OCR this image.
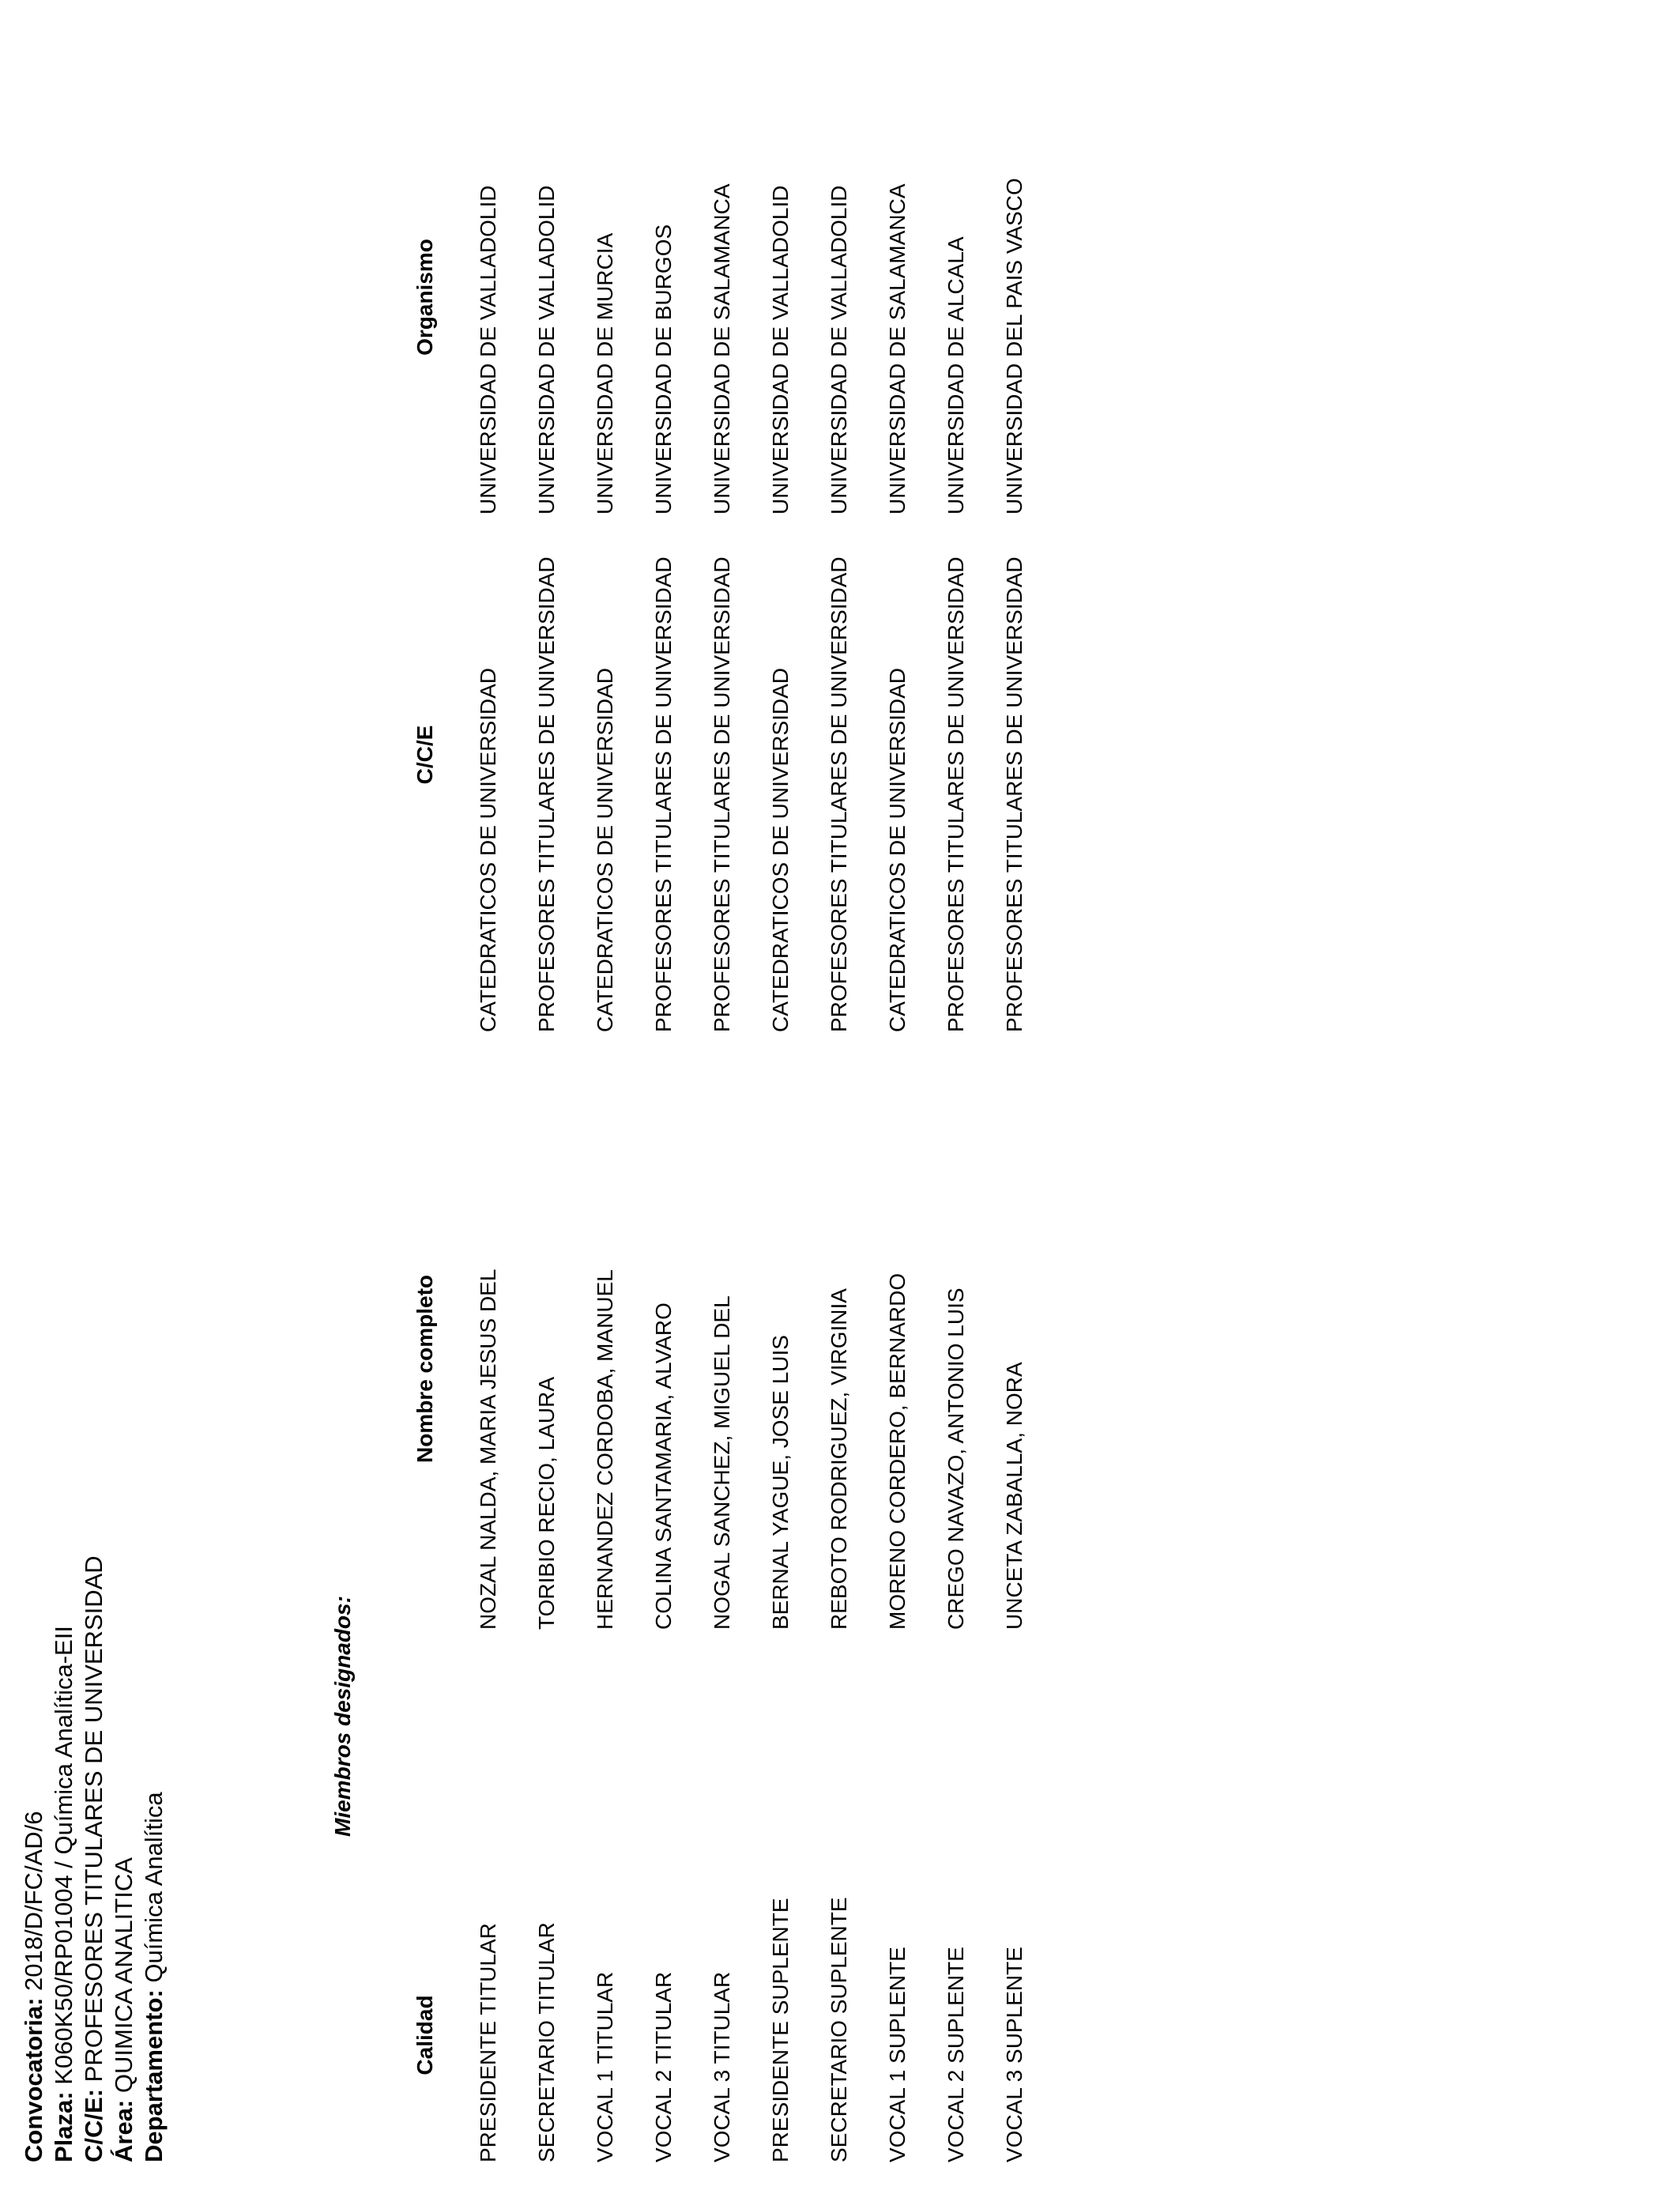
Convocatoria: 2018/D/FC/AD/6
Plaza: K060K50/RP01004 / Química Analítica-EII
C/C/E: PROFESORES TITULARES DE UNIVERSIDAD
Área: QUIMICA ANALITICA Departamento: Química Analítica
Miembros designados:
Calidad
Nombre completo
C/C/E
Organismo
PRESIDENTE TITULAR
NOZAL NALDA, MARIA JESUS DEL
CATEDRATICOS DE UNIVERSIDAD
UNIVERSIDAD DE VALLADOLID
SECRETARIO TITULAR
TORIBIO RECIO, LAURA
PROFESORES TITULARES DE UNIVERSIDAD
UNIVERSIDAD DE VALLADOLID
VOCAL 1 TITULAR
HERNANDEZ CORDOBA, MANUEL
CATEDRATICOS DE UNIVERSIDAD
UNIVERSIDAD DE MURCIA
VOCAL 2 TITULAR
COLINA SANTAMARIA, ALVARO
PROFESORES TITULARES DE UNIVERSIDAD
UNIVERSIDAD DE BURGOS
VOCAL 3 TITULAR
NOGAL SANCHEZ, MIGUEL DEL
PROFESORES TITULARES DE UNIVERSIDAD
UNIVERSIDAD DE SALAMANCA
PRESIDENTE SUPLENTE
BERNAL YAGUE, JOSE LUIS
CATEDRATICOS DE UNIVERSIDAD
UNIVERSIDAD DE VALLADOLID
SECRETARIO SUPLENTE
REBOTO RODRIGUEZ, VIRGINIA
PROFESORES TITULARES DE UNIVERSIDAD
UNIVERSIDAD DE VALLADOLID
VOCAL 1 SUPLENTE
MORENO CORDERO, BERNARDO
CATEDRATICOS DE UNIVERSIDAD
UNIVERSIDAD DE SALAMANCA
VOCAL 2 SUPLENTE
CREGO NAVAZO, ANTONIO LUIS
PROFESORES TITULARES DE UNIVERSIDAD
UNIVERSIDAD DE ALCALA
VOCAL 3 SUPLENTE
UNCETA ZABALLA, NORA
PROFESORES TITULARES DE UNIVERSIDAD
UNIVERSIDAD DEL PAIS VASCO
